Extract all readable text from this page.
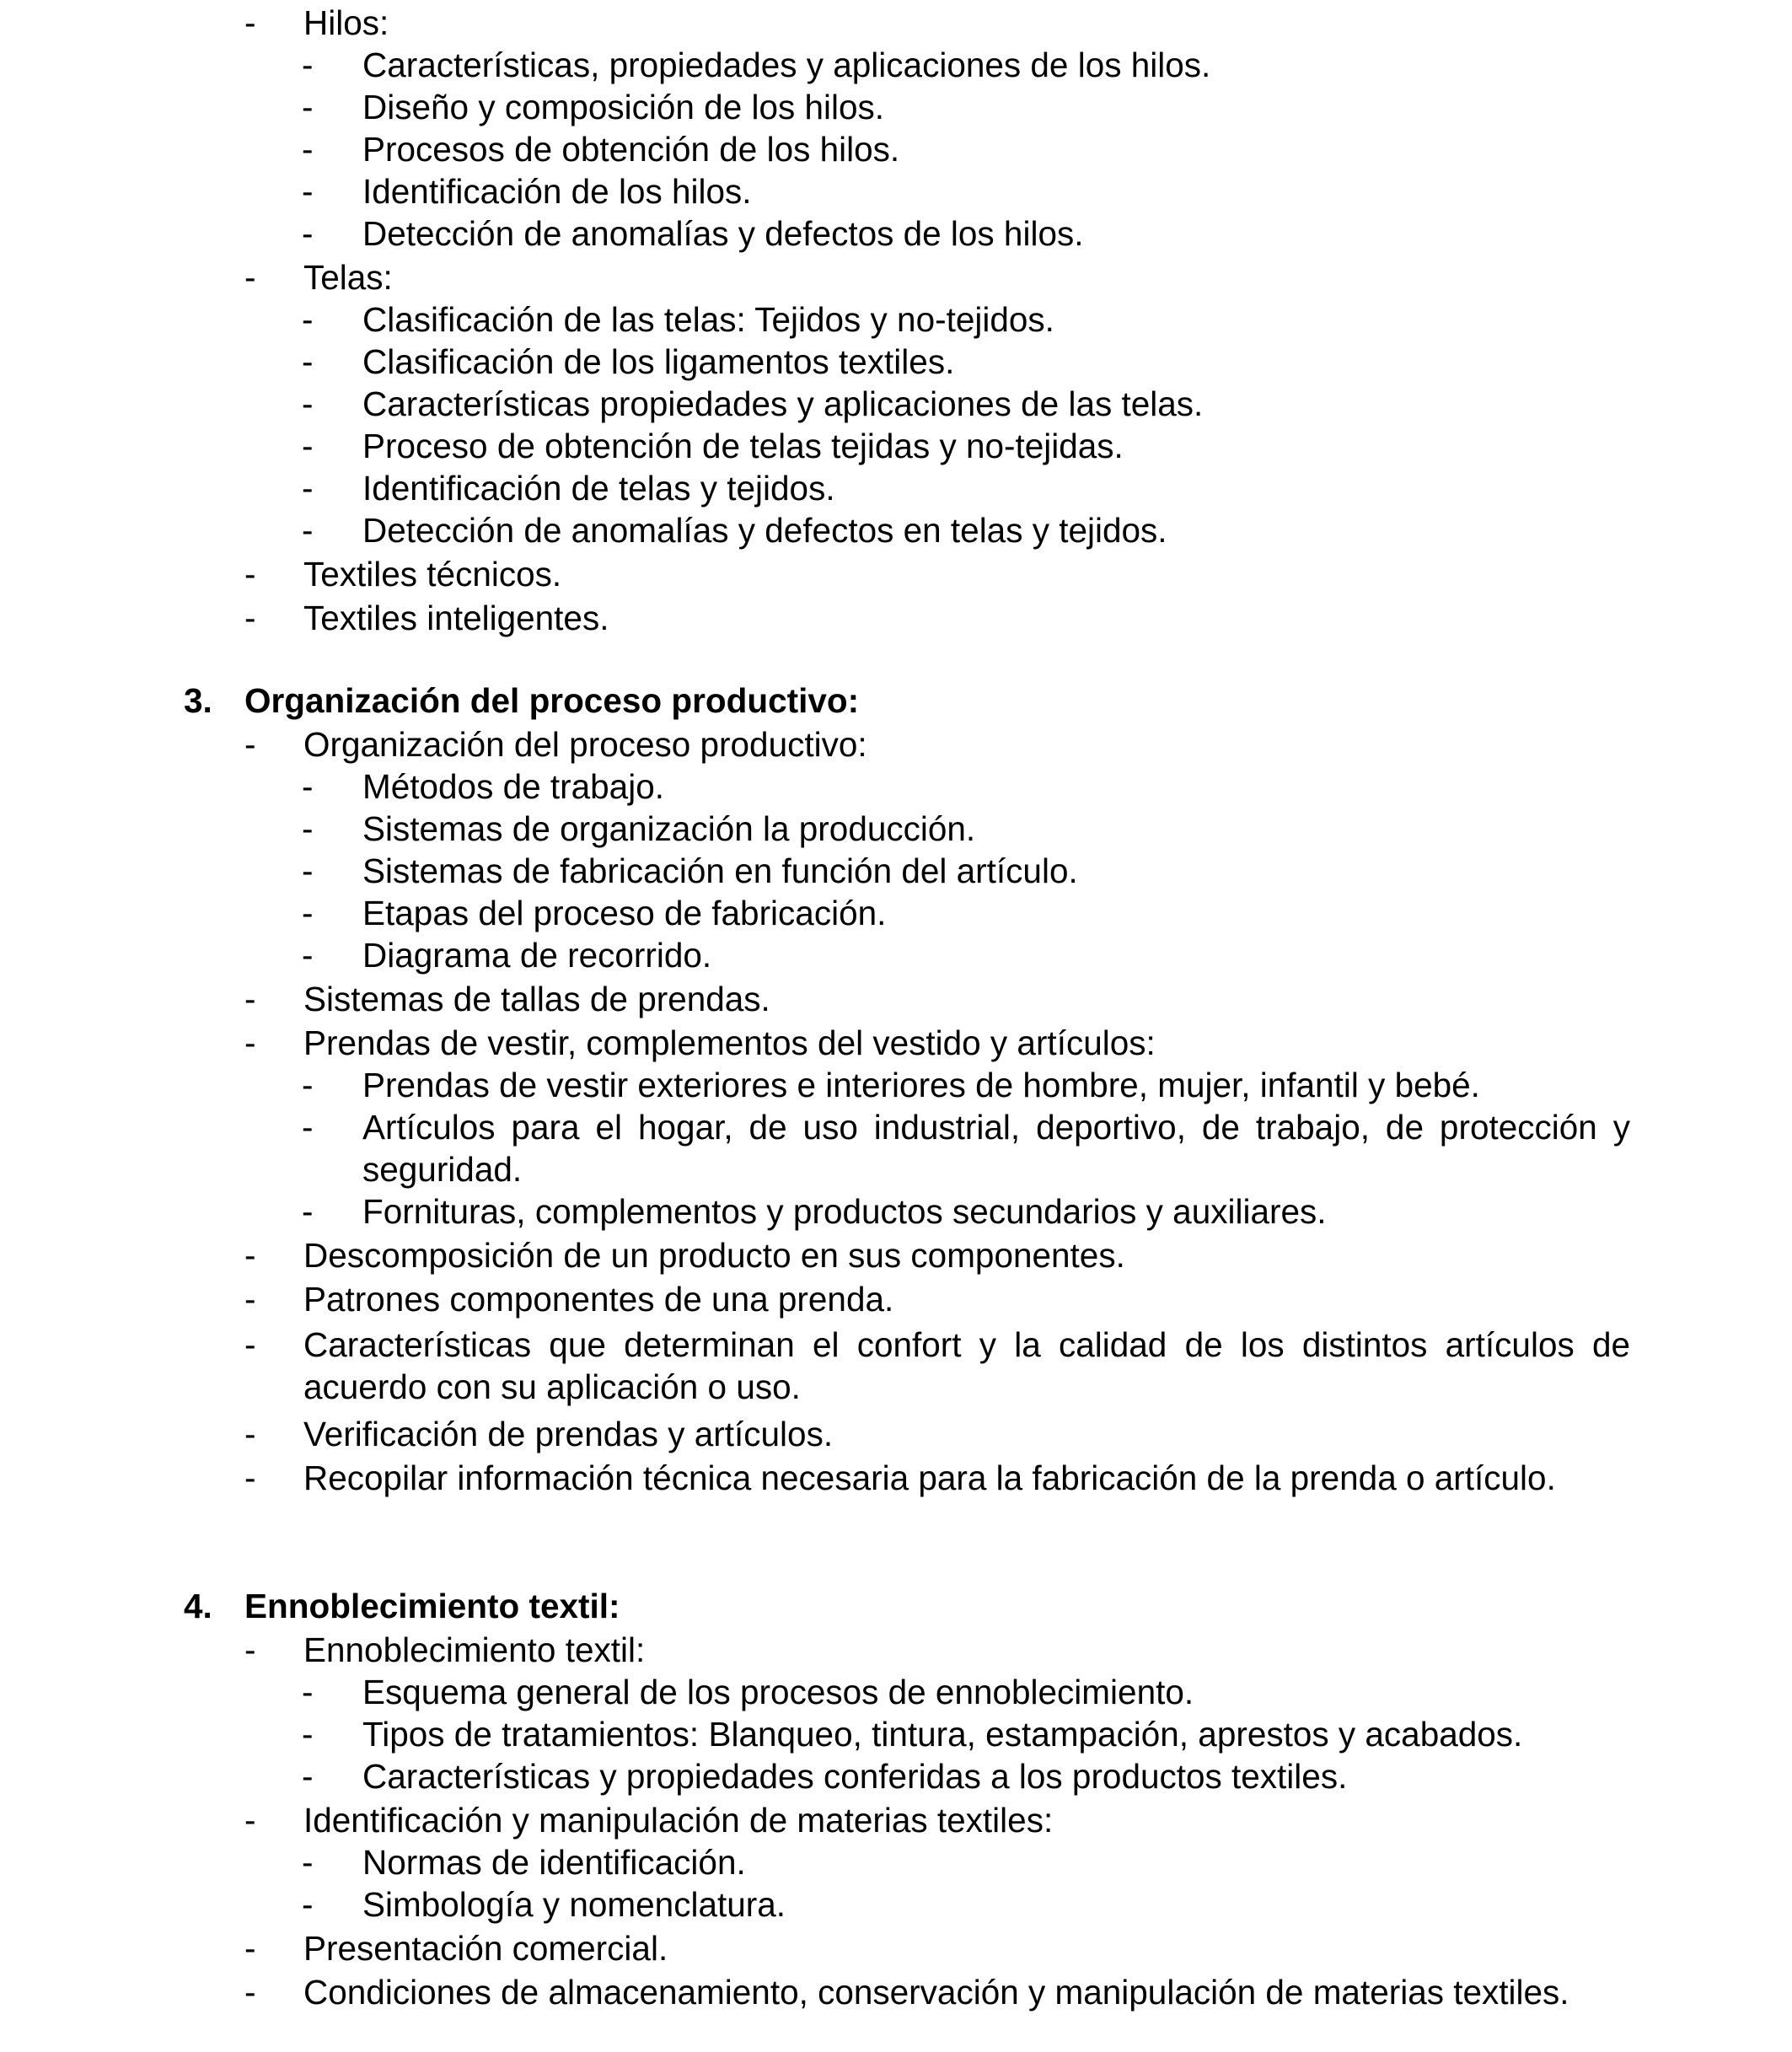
- Hilos:
- Características, propiedades y aplicaciones de los hilos.
- Diseño y composición de los hilos.
- Procesos de obtención de los hilos.
- Identificación de los hilos.
- Detección de anomalías y defectos de los hilos.
- Telas:
- Clasificación de las telas: Tejidos y no-tejidos.
- Clasificación de los ligamentos textiles.
- Características propiedades y aplicaciones de las telas.
- Proceso de obtención de telas tejidas y no-tejidas.
- Identificación de telas y tejidos.
- Detección de anomalías y defectos en telas y tejidos.
- Textiles técnicos.
- Textiles inteligentes.
3. Organización del proceso productivo:
- Organización del proceso productivo:
- Métodos de trabajo.
- Sistemas de organización la producción.
- Sistemas de fabricación en función del artículo.
- Etapas del proceso de fabricación.
- Diagrama de recorrido.
- Sistemas de tallas de prendas.
- Prendas de vestir, complementos del vestido y artículos:
- Prendas de vestir exteriores e interiores de hombre, mujer, infantil y bebé.
- Artículos para el hogar, de uso industrial, deportivo, de trabajo, de protección y seguridad.
- Fornituras, complementos y productos secundarios y auxiliares.
- Descomposición de un producto en sus componentes.
- Patrones componentes de una prenda.
- Características que determinan el confort y la calidad de los distintos artículos de acuerdo con su aplicación o uso.
- Verificación de prendas y artículos.
- Recopilar información técnica necesaria para la fabricación de la prenda o artículo.
4. Ennoblecimiento textil:
- Ennoblecimiento textil:
- Esquema general de los procesos de ennoblecimiento.
- Tipos de tratamientos: Blanqueo, tintura, estampación, aprestos y acabados.
- Características y propiedades conferidas a los productos textiles.
- Identificación y manipulación de materias textiles:
- Normas de identificación.
- Simbología y nomenclatura.
- Presentación comercial.
- Condiciones de almacenamiento, conservación y manipulación de materias textiles.
